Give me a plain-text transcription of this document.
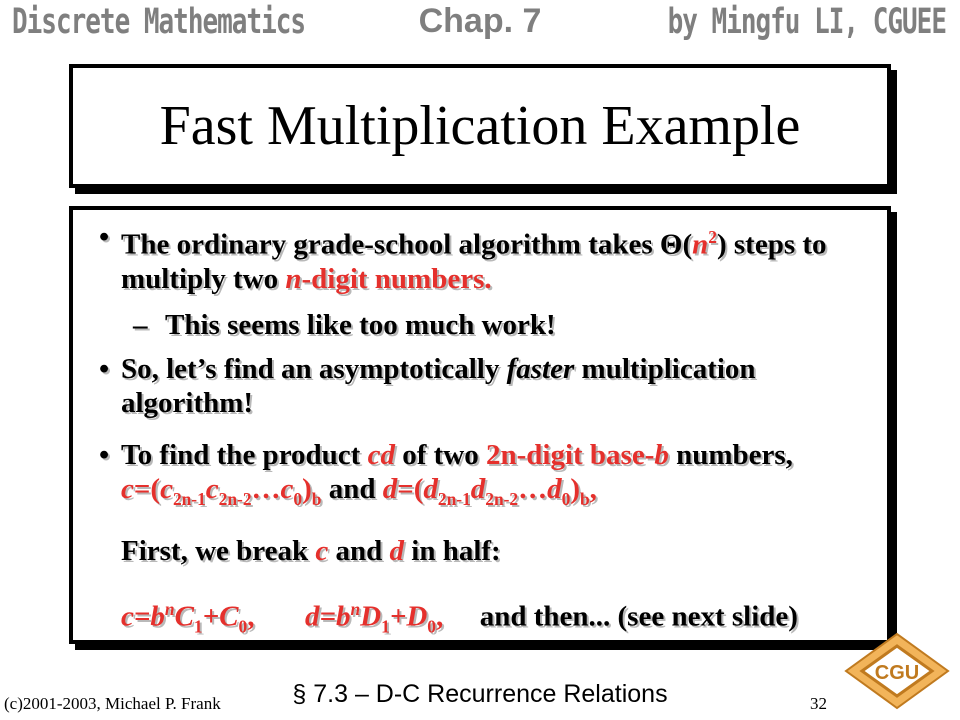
Discrete Mathematics	Chap. 7	by Mingfu LI, CGUEE
Fast Multiplication Example
• The ordinary grade-school algorithm takes $\Theta(n^2)$ steps to multiply two n-digit numbers.
– This seems like too much work!
• So, let’s find an asymptotically faster multiplication algorithm!
• To find the product cd of two 2n-digit base-b numbers,
$c=(c_{2n-1}c_{2n-2}\dots c_0)_b$ and $d=(d_{2n-1}d_{2n-2}\dots d_0)_b$,
First, we break c and d in half:
$c=b^nC_1+C_0$, $d=b^nD_1+D_0$, and then... (see next slide)
(c)2001-2003, Michael P. Frank	§ 7.3 – D-C Recurrence Relations	32
CGU
